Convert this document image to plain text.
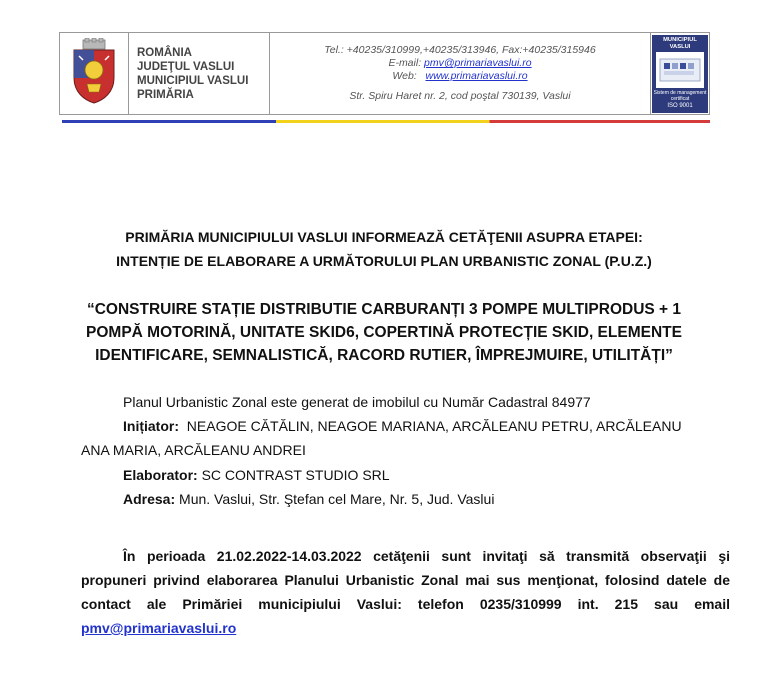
ROMÂNIA
JUDEŢUL VASLUI
MUNICIPIUL VASLUI
PRIMĂRIA

Tel.: +40235/310999,+40235/313946, Fax:+40235/315946
E-mail: pmv@primariavaslui.ro
Web: www.primariavaslui.ro
Str. Spiru Haret nr. 2, cod poştal 730139, Vaslui

MUNICIPIUL VASLUI
Sistem de management certificat
ISO 9001
PRIMĂRIA MUNICIPIULUI VASLUI INFORMEAZĂ CETĂŢENII ASUPRA ETAPEI:
INTENȚIE DE ELABORARE A URMĂTORULUI PLAN URBANISTIC ZONAL (P.U.Z.)
“CONSTRUIRE STAȚIE DISTRIBUTIE CARBURANȚI 3 POMPE MULTIPRODUS + 1
POMPĂ MOTORINĂ, UNITATE SKID6, COPERTINĂ PROTECȚIE SKID, ELEMENTE
IDENTIFICARE, SEMNALISTICĂ, RACORD RUTIER, ÎMPREJMUIRE, UTILITĂȚI”
Planul Urbanistic Zonal este generat de imobilul cu Număr Cadastral 84977
Inițiator: NEAGOE CĂTĂLIN, NEAGOE MARIANA, ARCĂLEANU PETRU, ARCĂLEANU
ANA MARIA, ARCĂLEANU ANDREI
Elaborator: SC CONTRAST STUDIO SRL
Adresa: Mun. Vaslui, Str. Ştefan cel Mare, Nr. 5, Jud. Vaslui
În perioada 21.02.2022-14.03.2022 cetăţenii sunt invitaţi să transmită observaţii şi propuneri privind elaborarea Planului Urbanistic Zonal mai sus menţionat, folosind datele de contact ale Primăriei municipiului Vaslui: telefon 0235/310999 int. 215 sau email pmv@primariavaslui.ro
